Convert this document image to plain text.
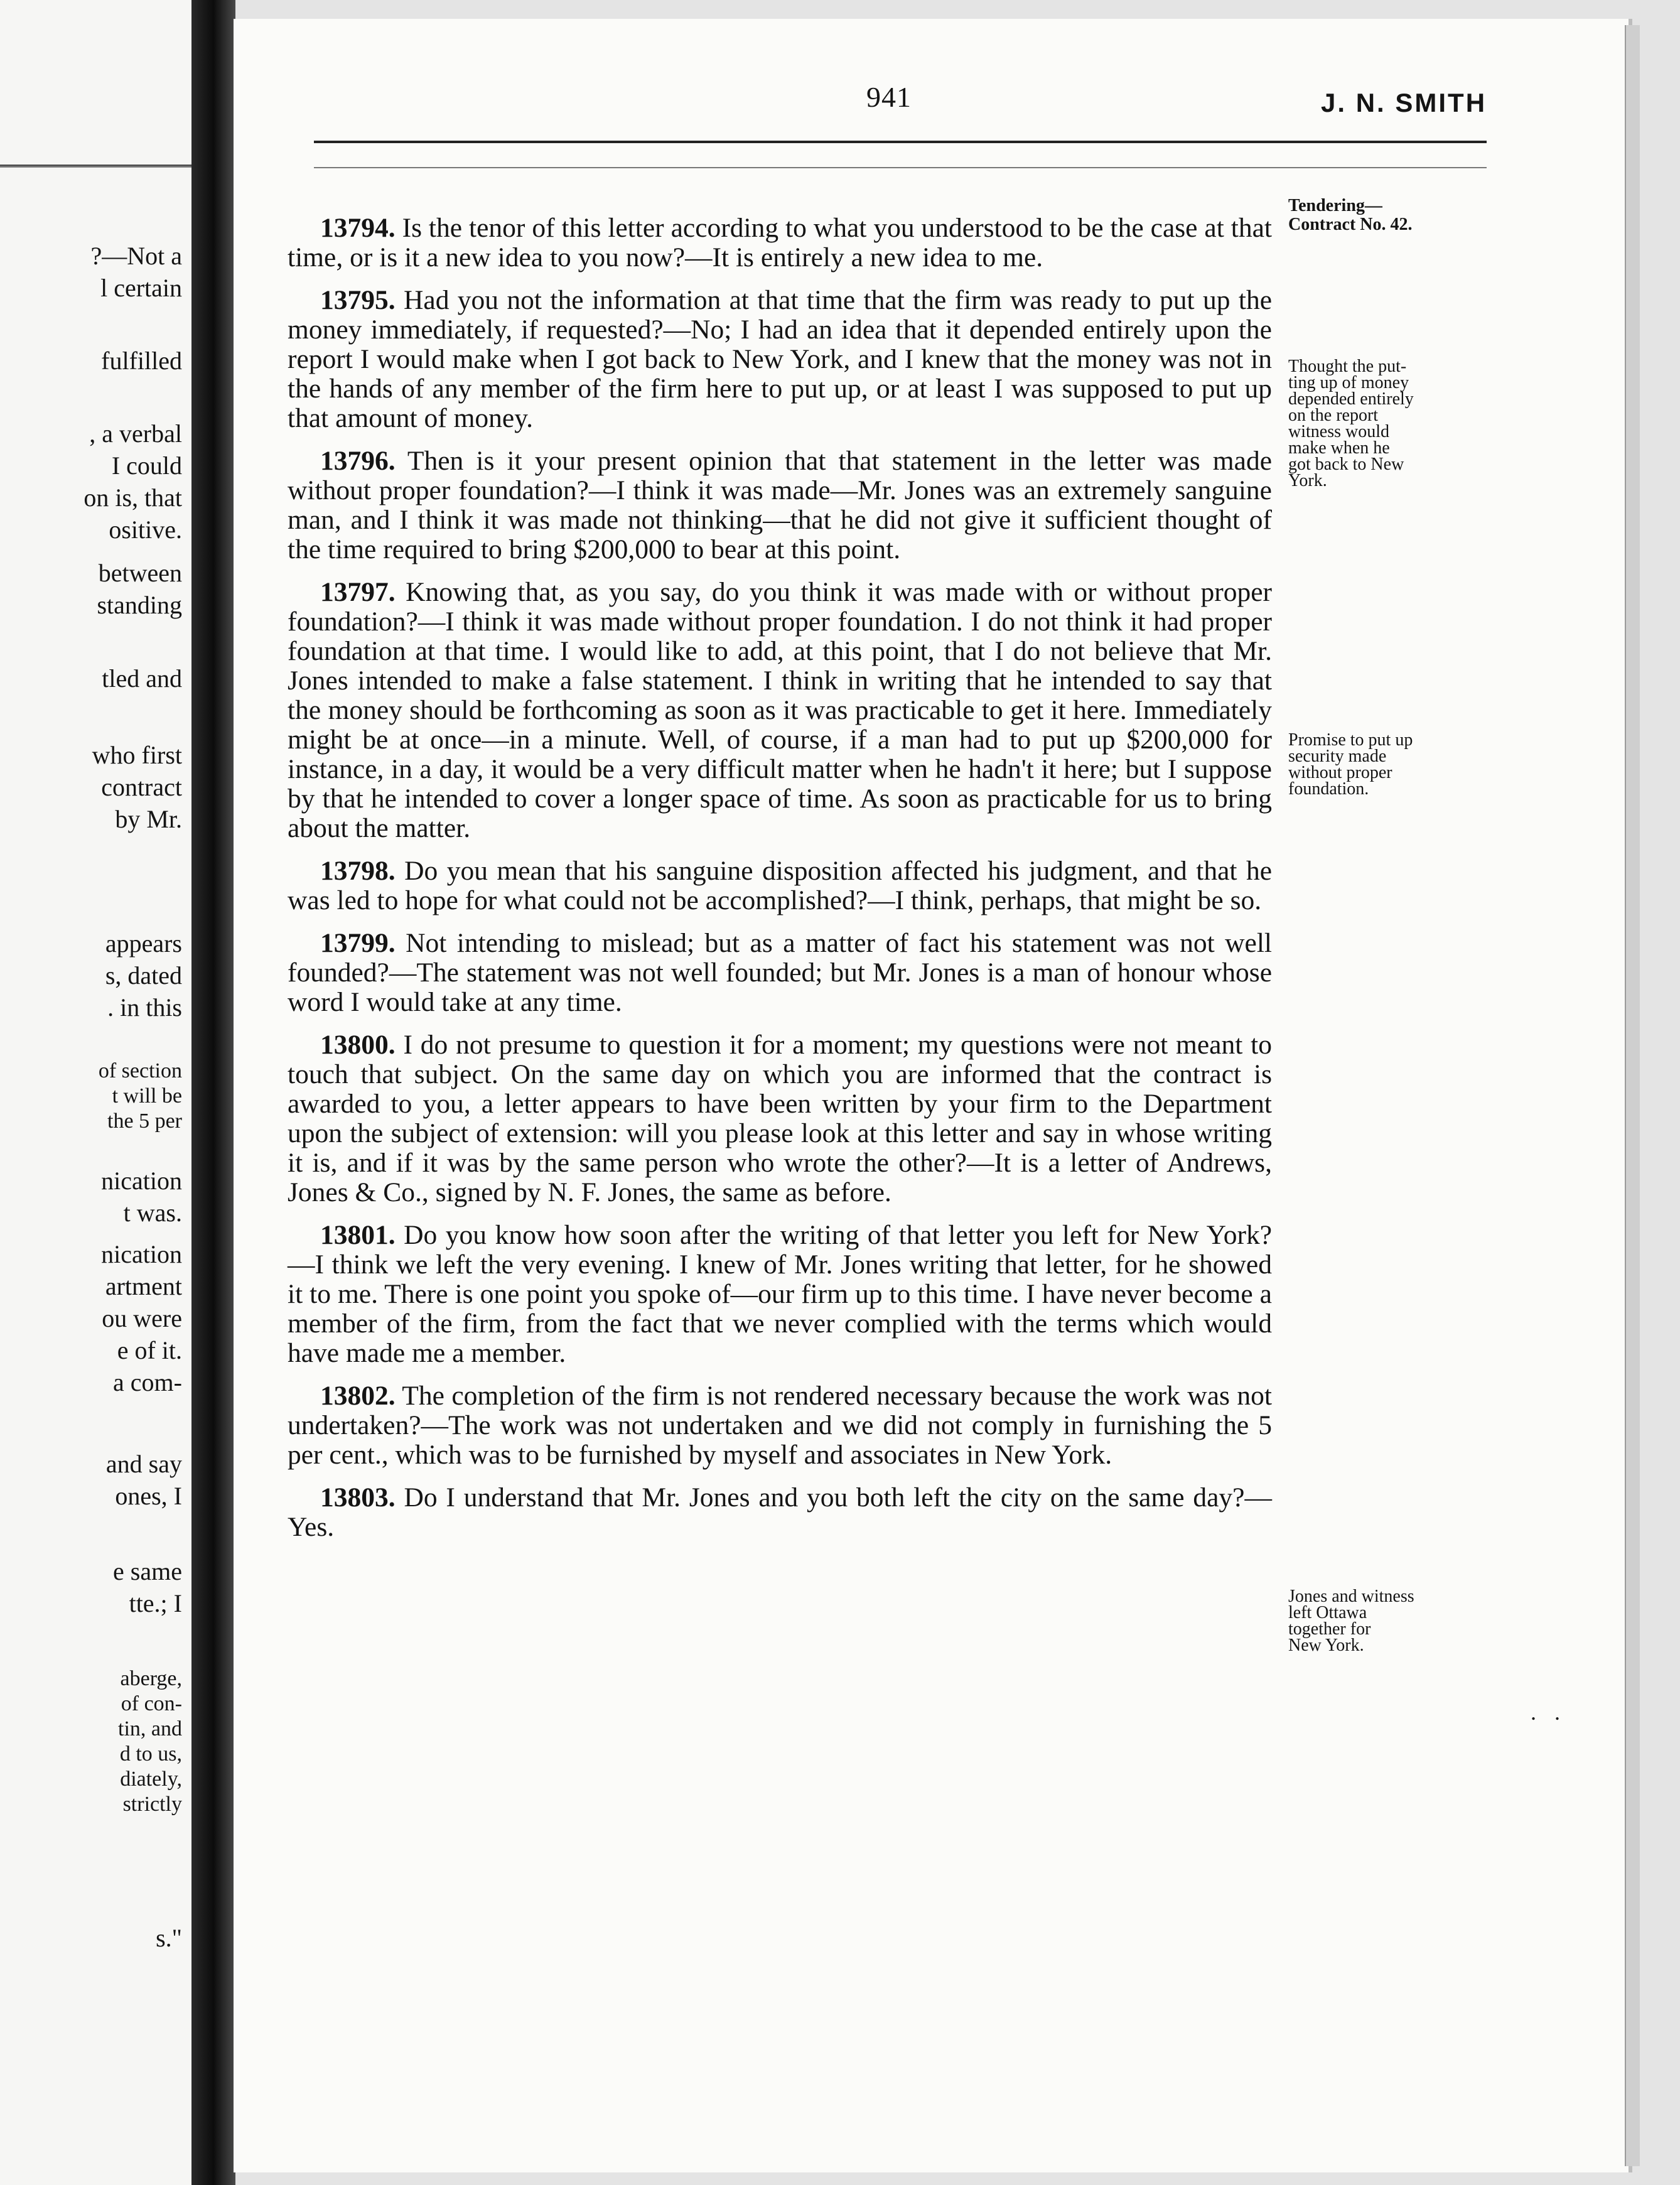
?—Not a
l certain
fulfilled
, a verbal
I could
on is, that
ositive.
between
standing
tled and
who first
contract
by Mr.
appears
s, dated
. in this
of section
t will be
the 5 per
nication
t was.
nication
artment
ou were
e of it.
a com-
and say
ones, I
e same
tte.; I
aberge,
of con-
tin, and
d to us,
diately,
strictly
s."
941	J. N. SMITH
Tendering—
Contract No. 42.
Thought the put-
ting up of money
depended entirely
on the report
witness would
make when he
got back to New
York.
Promise to put up
security made
without proper
foundation.
Jones and witness
left Ottawa
together for
New York.

13794. Is the tenor of this letter according to what you understood to be the case at that time, or is it a new idea to you now?—It is entirely a new idea to me.

13795. Had you not the information at that time that the firm was ready to put up the money immediately, if requested?—No; I had an idea that it depended entirely upon the report I would make when I got back to New York, and I knew that the money was not in the hands of any member of the firm here to put up, or at least I was supposed to put up that amount of money.

13796. Then is it your present opinion that that statement in the letter was made without proper foundation?—I think it was made—Mr. Jones was an extremely sanguine man, and I think it was made not thinking—that he did not give it sufficient thought of the time required to bring $200,000 to bear at this point.

13797. Knowing that, as you say, do you think it was made with or without proper foundation?—I think it was made without proper foundation. I do not think it had proper foundation at that time. I would like to add, at this point, that I do not believe that Mr. Jones intended to make a false statement. I think in writing that he intended to say that the money should be forthcoming as soon as it was practicable to get it here. Immediately might be at once—in a minute. Well, of course, if a man had to put up $200,000 for instance, in a day, it would be a very difficult matter when he hadn't it here; but I suppose by that he intended to cover a longer space of time. As soon as practicable for us to bring about the matter.

13798. Do you mean that his sanguine disposition affected his judgment, and that he was led to hope for what could not be accomplished?—I think, perhaps, that might be so.

13799. Not intending to mislead; but as a matter of fact his statement was not well founded?—The statement was not well founded; but Mr. Jones is a man of honour whose word I would take at any time.

13800. I do not presume to question it for a moment; my questions were not meant to touch that subject. On the same day on which you are informed that the contract is awarded to you, a letter appears to have been written by your firm to the Department upon the subject of extension: will you please look at this letter and say in whose writing it is, and if it was by the same person who wrote the other?—It is a letter of Andrews, Jones & Co., signed by N. F. Jones, the same as before.

13801. Do you know how soon after the writing of that letter you left for New York?—I think we left the very evening. I knew of Mr. Jones writing that letter, for he showed it to me. There is one point you spoke of—our firm up to this time. I have never become a member of the firm, from the fact that we never complied with the terms which would have made me a member.

13802. The completion of the firm is not rendered necessary because the work was not undertaken?—The work was not undertaken and we did not comply in furnishing the 5 per cent., which was to be furnished by myself and associates in New York.

13803. Do I understand that Mr. Jones and you both left the city on the same day?—Yes.

. .
